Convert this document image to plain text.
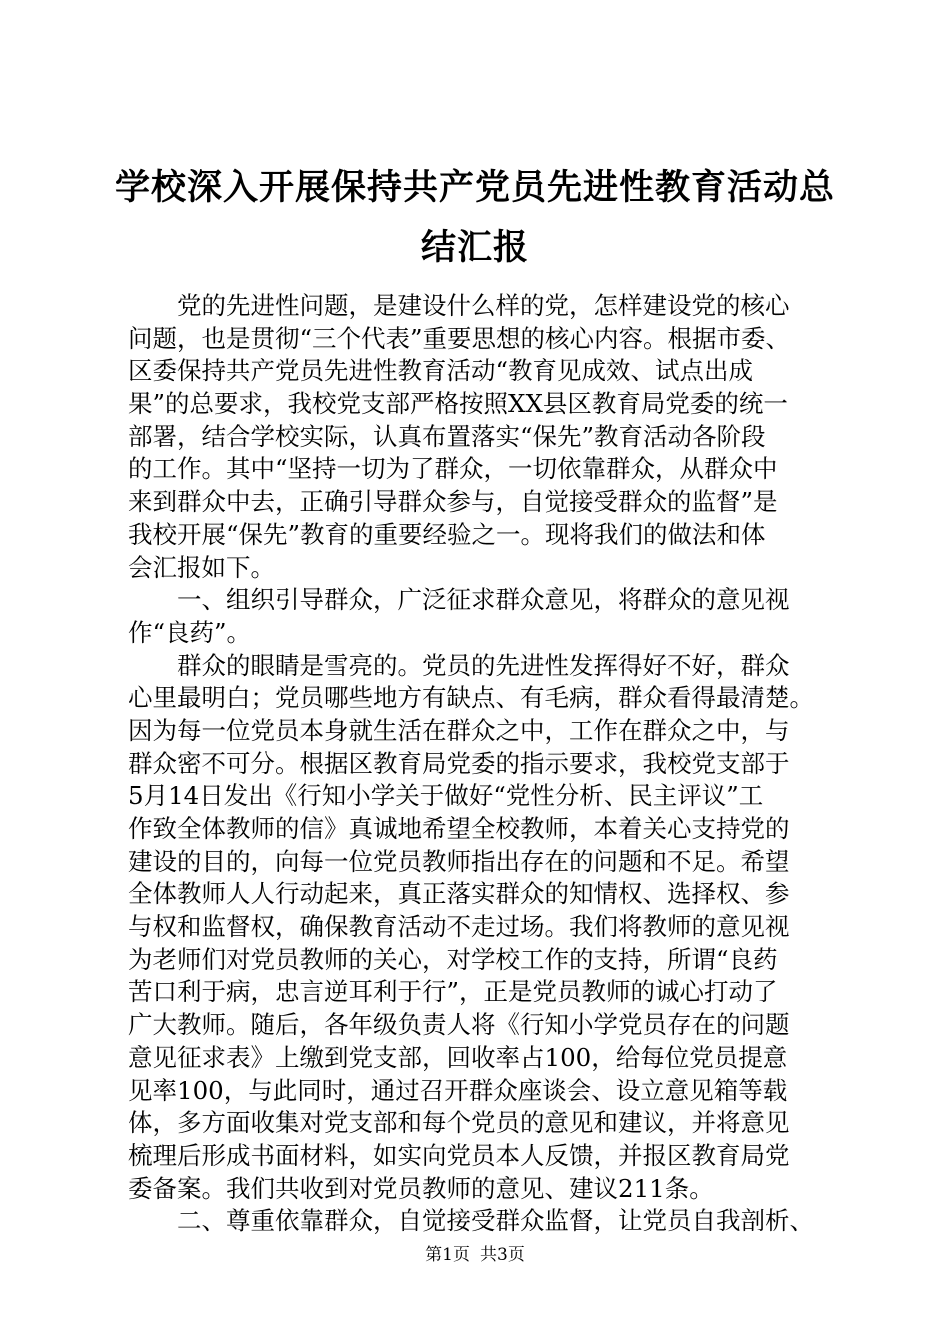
学校深入开展保持共产党员先进性教育活动总
结汇报
党的先进性问题，是建设什么样的党，怎样建设党的核心
问题，也是贯彻“三个代表”重要思想的核心内容。根据市委、
区委保持共产党员先进性教育活动“教育见成效、试点出成
果”的总要求，我校党支部严格按照XX县区教育局党委的统一
部署，结合学校实际，认真布置落实“保先”教育活动各阶段
的工作。其中“坚持一切为了群众，一切依靠群众，从群众中
来到群众中去，正确引导群众参与，自觉接受群众的监督”是
我校开展“保先”教育的重要经验之一。现将我们的做法和体
会汇报如下。
一、组织引导群众，广泛征求群众意见，将群众的意见视
作“良药”。
群众的眼睛是雪亮的。党员的先进性发挥得好不好，群众
心里最明白；党员哪些地方有缺点、有毛病，群众看得最清楚。
因为每一位党员本身就生活在群众之中，工作在群众之中，与
群众密不可分。根据区教育局党委的指示要求，我校党支部于
5月14日发出《行知小学关于做好“党性分析、民主评议”工
作致全体教师的信》真诚地希望全校教师，本着关心支持党的
建设的目的，向每一位党员教师指出存在的问题和不足。希望
全体教师人人行动起来，真正落实群众的知情权、选择权、参
与权和监督权，确保教育活动不走过场。我们将教师的意见视
为老师们对党员教师的关心，对学校工作的支持，所谓“良药
苦口利于病，忠言逆耳利于行”，正是党员教师的诚心打动了
广大教师。随后，各年级负责人将《行知小学党员存在的问题
意见征求表》上缴到党支部，回收率占100，给每位党员提意
见率100，与此同时，通过召开群众座谈会、设立意见箱等载
体，多方面收集对党支部和每个党员的意见和建议，并将意见
梳理后形成书面材料，如实向党员本人反馈，并报区教育局党
委备案。我们共收到对党员教师的意见、建议211条。
二、尊重依靠群众，自觉接受群众监督，让党员自我剖析、
第1页 共3页
